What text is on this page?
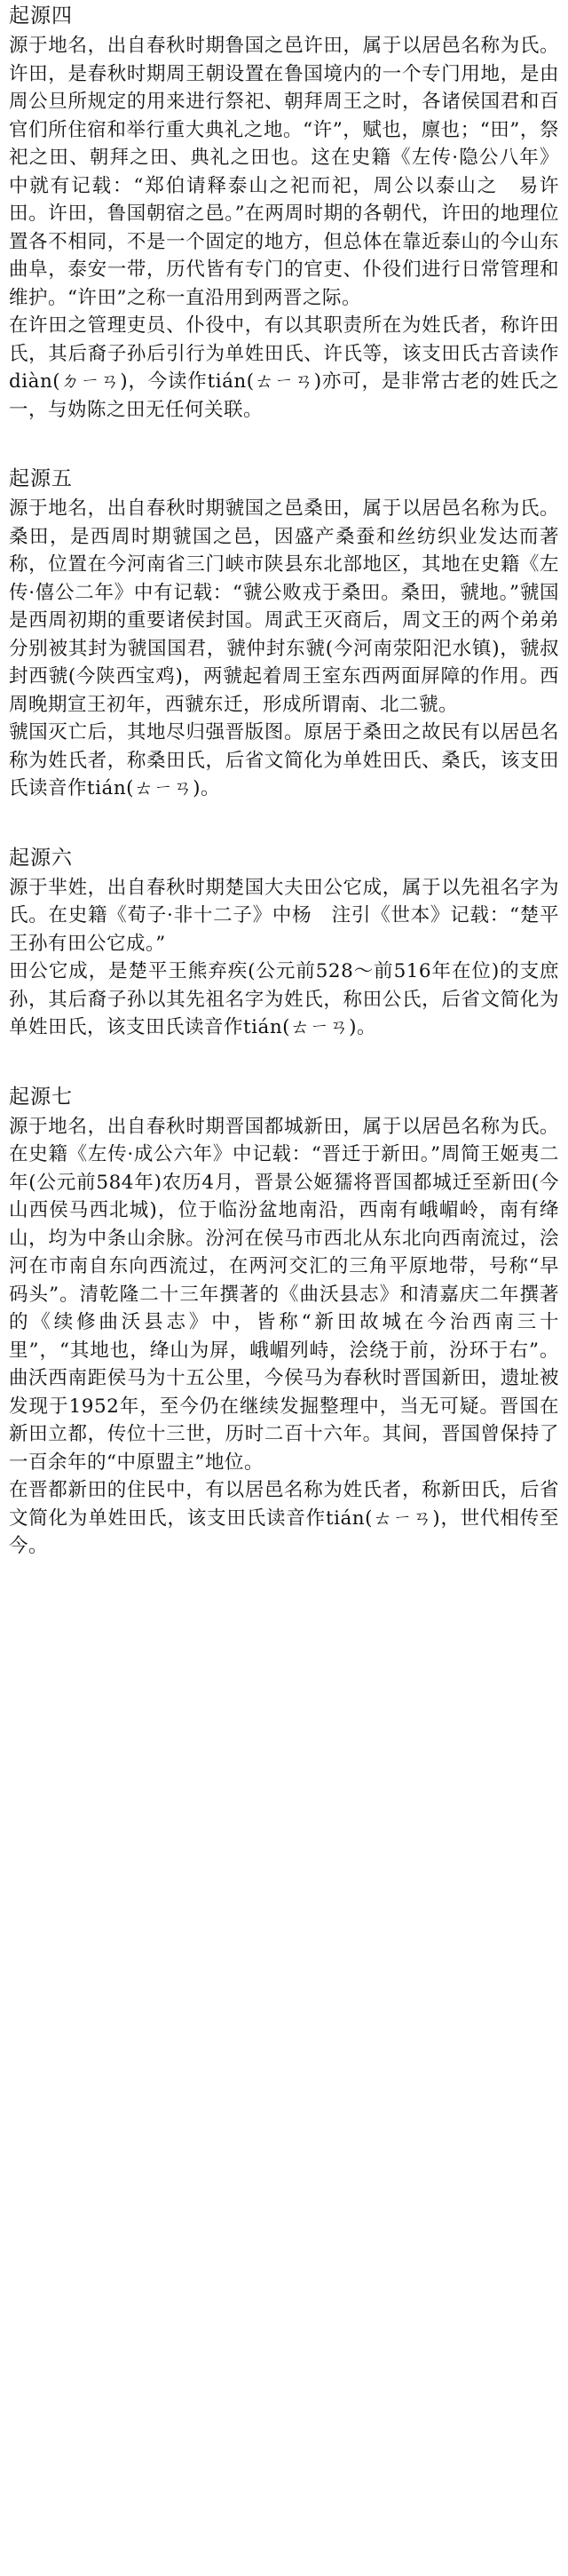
起源四

源于地名，出自春秋时期鲁国之邑许田，属于以居邑名称为氏。许田，是春秋时期周王朝设置在鲁国境内的一个专门用地，是由周公旦所规定的用来进行祭祀、朝拜周王之时，各诸侯国君和百官们所住宿和举行重大典礼之地。“许”，赋也，廪也；“田”，祭祀之田、朝拜之田、典礼之田也。这在史籍《左传·隐公八年》中就有记载：“郑伯请释泰山之祀而祀，周公以泰山之　易许田。许田，鲁国朝宿之邑。”在两周时期的各朝代，许田的地理位置各不相同，不是一个固定的地方，但总体在靠近泰山的今山东曲阜，泰安一带，历代皆有专门的官吏、仆役们进行日常管理和维护。“许田”之称一直沿用到两晋之际。

在许田之管理吏员、仆役中，有以其职责所在为姓氏者，称许田氏，其后裔子孙后引行为单姓田氏、许氏等，该支田氏古音读作diàn(ㄉㄧㄢ)，今读作tián(ㄊㄧㄢ)亦可，是非常古老的姓氏之一，与妫陈之田无任何关联。

起源五

源于地名，出自春秋时期虢国之邑桑田，属于以居邑名称为氏。桑田，是西周时期虢国之邑，因盛产桑蚕和丝纺织业发达而著称，位置在今河南省三门峡市陕县东北部地区，其地在史籍《左传·僖公二年》中有记载：“虢公败戎于桑田。桑田，虢地。”虢国是西周初期的重要诸侯封国。周武王灭商后，周文王的两个弟弟分别被其封为虢国国君，虢仲封东虢(今河南荥阳汜水镇)，虢叔封西虢(今陕西宝鸡)，两虢起着周王室东西两面屏障的作用。西周晚期宣王初年，西虢东迁，形成所谓南、北二虢。

虢国灭亡后，其地尽归强晋版图。原居于桑田之故民有以居邑名称为姓氏者，称桑田氏，后省文简化为单姓田氏、桑氏，该支田氏读音作tián(ㄊㄧㄢ)。

起源六

源于芈姓，出自春秋时期楚国大夫田公它成，属于以先祖名字为氏。在史籍《荀子·非十二子》中杨　注引《世本》记载：“楚平王孙有田公它成。”

田公它成，是楚平王熊弃疾(公元前528～前516年在位)的支庶孙，其后裔子孙以其先祖名字为姓氏，称田公氏，后省文简化为单姓田氏，该支田氏读音作tián(ㄊㄧㄢ)。

起源七

源于地名，出自春秋时期晋国都城新田，属于以居邑名称为氏。在史籍《左传·成公六年》中记载：“晋迁于新田。”周简王姬夷二年(公元前584年)农历4月，晋景公姬獳将晋国都城迁至新田(今山西侯马西北城)，位于临汾盆地南沿，西南有峨嵋岭，南有绛山，均为中条山余脉。汾河在侯马市西北从东北向西南流过，浍河在市南自东向西流过，在两河交汇的三角平原地带，号称“早码头”。清乾隆二十三年撰著的《曲沃县志》和清嘉庆二年撰著的《续修曲沃县志》中，皆称“新田故城在今治西南三十里”，“其地也，绛山为屏，峨嵋列峙，浍绕于前，汾环于右”。曲沃西南距侯马为十五公里，今侯马为春秋时晋国新田，遗址被发现于1952年，至今仍在继续发掘整理中，当无可疑。晋国在新田立都，传位十三世，历时二百十六年。其间，晋国曾保持了一百余年的“中原盟主”地位。

在晋都新田的住民中，有以居邑名称为姓氏者，称新田氏，后省文简化为单姓田氏，该支田氏读音作tián(ㄊㄧㄢ)，世代相传至今。
